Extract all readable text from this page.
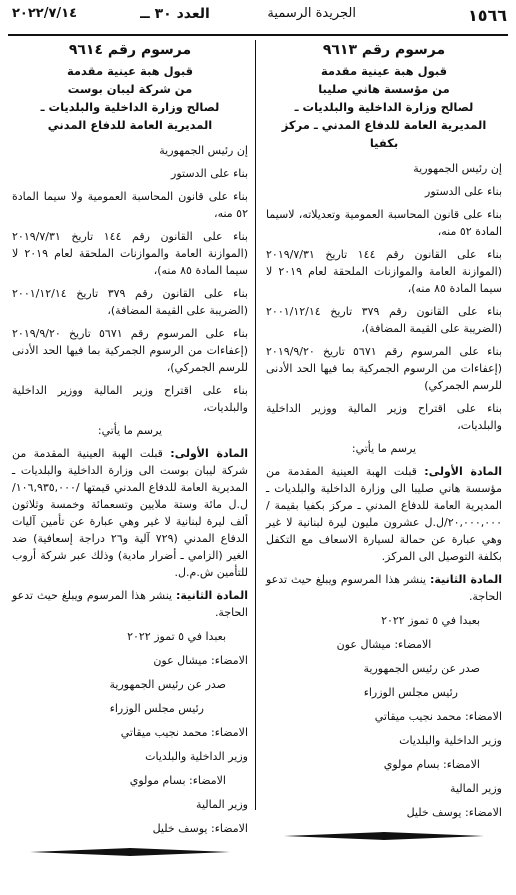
١٥٦٦
الجريدة الرسمية
العدد ٣٠ ــ
٢٠٢٢/٧/١٤
مرسوم رقم ٩٦١٣
قبول هبة عينية مقدمة
من مؤسسة هاني صليبا
لصالح وزارة الداخلية والبلديات ـ
المديرية العامة للدفاع المدني ـ مركز بكفيا
إن رئيس الجمهورية
بناء على الدستور
بناء على قانون المحاسبة العمومية وتعديلاته، لاسيما المادة ٥٢ منه،
بناء على القانون رقم ١٤٤ تاريخ ٢٠١٩/٧/٣١ (الموازنة العامة والموازنات الملحقة لعام ٢٠١٩ لا سيما المادة ٨٥ منه)،
بناء على القانون رقم ٣٧٩ تاريخ ٢٠٠١/١٢/١٤ (الضريبة على القيمة المضافة)،
بناء على المرسوم رقم ٥٦٧١ تاريخ ٢٠١٩/٩/٢٠ (إعفاءات من الرسوم الجمركية بما فيها الحد الأدنى للرسم الجمركي)
بناء على اقتراح وزير المالية ووزير الداخلية والبلديات،
يرسم ما يأتي:
المادة الأولى: قبلت الهبة العينية المقدمة من مؤسسة هاني صليبا الى وزارة الداخلية والبلديات ـ المديرية العامة للدفاع المدني ـ مركز بكفيا بقيمة /٢٠,٠٠٠,٠٠٠/ل.ل عشرون مليون ليرة لبنانية لا غير وهي عبارة عن حمالة لسيارة الاسعاف مع التكفل بكلفة التوصيل الى المركز.
المادة الثانية: ينشر هذا المرسوم ويبلغ حيث تدعو الحاجة.
بعبدا في ٥ تموز ٢٠٢٢
الامضاء: ميشال عون
صدر عن رئيس الجمهورية
رئيس مجلس الوزراء
الامضاء: محمد نجيب ميقاتي
وزير الداخلية والبلديات
الامضاء: بسام مولوي
وزير المالية
الامضاء: يوسف خليل
مرسوم رقم ٩٦١٤
قبول هبة عينية مقدمة
من شركة ليبان بوست
لصالح وزارة الداخلية والبلديات ـ
المديرية العامة للدفاع المدني
إن رئيس الجمهورية
بناء على الدستور
بناء على قانون المحاسبة العمومية ولا سيما المادة ٥٢ منه،
بناء على القانون رقم ١٤٤ تاريخ ٢٠١٩/٧/٣١ (الموازنة العامة والموازنات الملحقة لعام ٢٠١٩ لا سيما المادة ٨٥ منه)،
بناء على القانون رقم ٣٧٩ تاريخ ٢٠٠١/١٢/١٤ (الضريبة على القيمة المضافة)،
بناء على المرسوم رقم ٥٦٧١ تاريخ ٢٠١٩/٩/٢٠ (إعفاءات من الرسوم الجمركية بما فيها الحد الأدنى للرسم الجمركي)،
بناء على اقتراح وزير المالية ووزير الداخلية والبلديات،
يرسم ما يأتي:
المادة الأولى: قبلت الهبة العينية المقدمة من شركة ليبان بوست الى وزارة الداخلية والبلديات ـ المديرية العامة للدفاع المدني قيمتها /١٠٦,٩٣٥,٠٠٠/ل.ل مائة وستة ملايين وتسعمائة وخمسة وثلاثون ألف ليرة لبنانية لا غير وهي عبارة عن تأمين آليات الدفاع المدني (٧٢٩ آلية و٢٦ دراجة إسعافية) ضد الغير (الزامي ـ أضرار مادية) وذلك عبر شركة أروب للتأمين ش.م.ل.
المادة الثانية: ينشر هذا المرسوم ويبلغ حيث تدعو الحاجة.
بعبدا في ٥ تموز ٢٠٢٢
الامضاء: ميشال عون
صدر عن رئيس الجمهورية
رئيس مجلس الوزراء
الامضاء: محمد نجيب ميقاتي
وزير الداخلية والبلديات
الامضاء: بسام مولوي
وزير المالية
الامضاء: يوسف خليل
